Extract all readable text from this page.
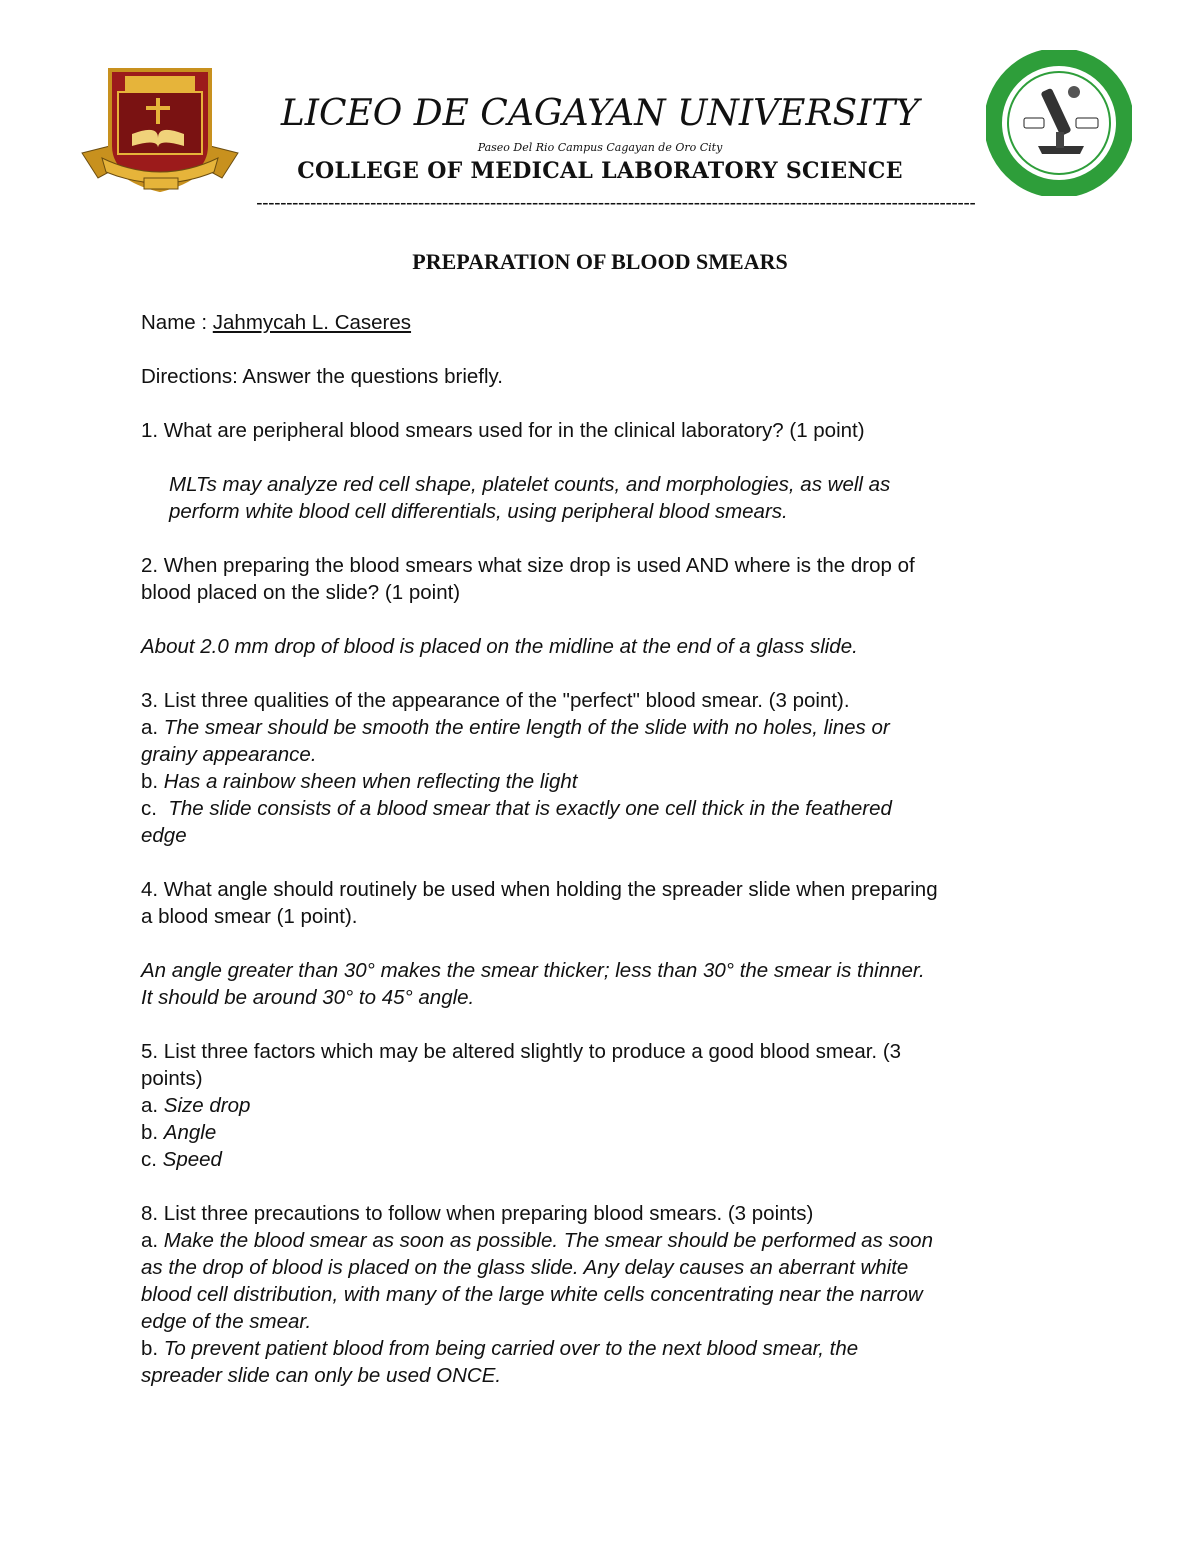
LICEO DE CAGAYAN UNIVERSITY
Paseo Del Rio Campus Cagayan de Oro City
COLLEGE OF MEDICAL LABORATORY SCIENCE
------------------------------------------------------------------------------------------------------------------------
PREPARATION OF BLOOD SMEARS

Name : Jahmycah L. Caseres

Directions: Answer the questions briefly.

1. What are peripheral blood smears used for in the clinical laboratory? (1 point)

MLTs may analyze red cell shape, platelet counts, and morphologies, as well as

perform white blood cell differentials, using peripheral blood smears.

2. When preparing the blood smears what size drop is used AND where is the drop of

blood placed on the slide? (1 point)

About 2.0 mm drop of blood is placed on the midline at the end of a glass slide.

3. List three qualities of the appearance of the "perfect" blood smear. (3 point).

a. The smear should be smooth the entire length of the slide with no holes, lines or

grainy appearance.

b. Has a rainbow sheen when reflecting the light

c.  The slide consists of a blood smear that is exactly one cell thick in the feathered

edge

4. What angle should routinely be used when holding the spreader slide when preparing

a blood smear (1 point).

An angle greater than 30° makes the smear thicker; less than 30° the smear is thinner.

It should be around 30° to 45° angle.

5. List three factors which may be altered slightly to produce a good blood smear. (3

points)

a. Size drop

b. Angle

c. Speed

8. List three precautions to follow when preparing blood smears. (3 points)

a. Make the blood smear as soon as possible. The smear should be performed as soon

as the drop of blood is placed on the glass slide. Any delay causes an aberrant white

blood cell distribution, with many of the large white cells concentrating near the narrow

edge of the smear.

b. To prevent patient blood from being carried over to the next blood smear, the

spreader slide can only be used ONCE.
